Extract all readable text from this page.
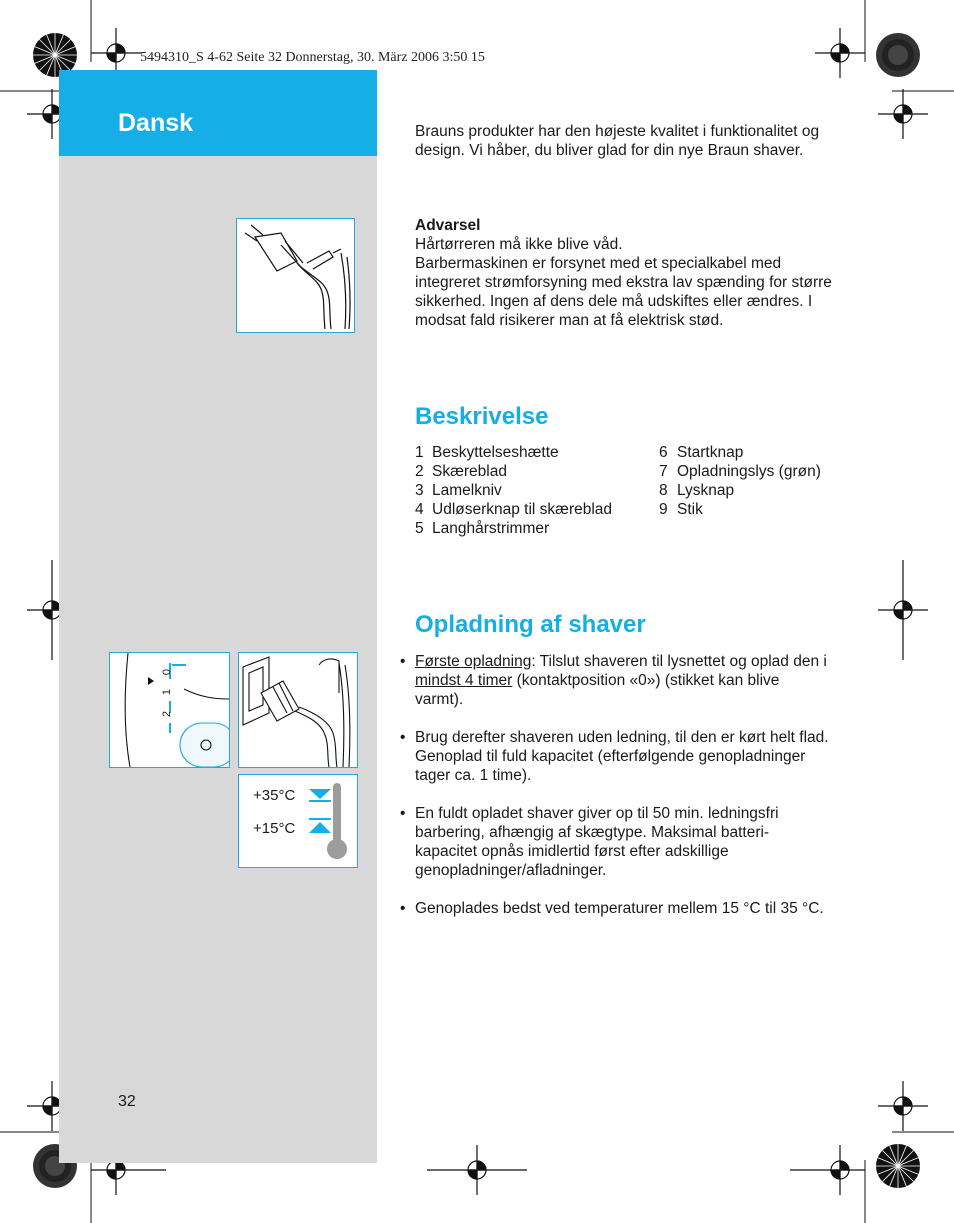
5494310_S 4-62 Seite 32 Donnerstag, 30. März 2006 3:50 15
Dansk
2
1
0
+35°C
+15°C
Brauns produkter har den højeste kvalitet i funktionalitet og design. Vi håber, du bliver glad for din nye Braun shaver.
Advarsel
Hårtørreren må ikke blive våd.
Barbermaskinen er forsynet med et specialkabel med integreret strømforsyning med ekstra lav spænding for større sikkerhed. Ingen af dens dele må udskiftes eller ændres. I modsat fald risikerer man at få elektrisk stød.
Beskrivelse
1 Beskyttelseshætte
2 Skæreblad
3 Lamelkniv
4 Udløserknap til skæreblad
5 Langhårstrimmer
6 Startknap
7 Opladningslys (grøn)
8 Lysknap
9 Stik
Opladning af shaver
• Første opladning: Tilslut shaveren til lysnettet og oplad den i mindst 4 timer (kontaktposition «0») (stikket kan blive varmt).
• Brug derefter shaveren uden ledning, til den er kørt helt flad. Genoplad til fuld kapacitet (efterfølgende genopladninger tager ca. 1 time).
• En fuldt opladet shaver giver op til 50 min. ledningsfri barbering, afhængig af skægtype. Maksimal batteri-kapacitet opnås imidlertid først efter adskillige genopladninger/afladninger.
• Genoplades bedst ved temperaturer mellem 15 °C til 35 °C.
32
